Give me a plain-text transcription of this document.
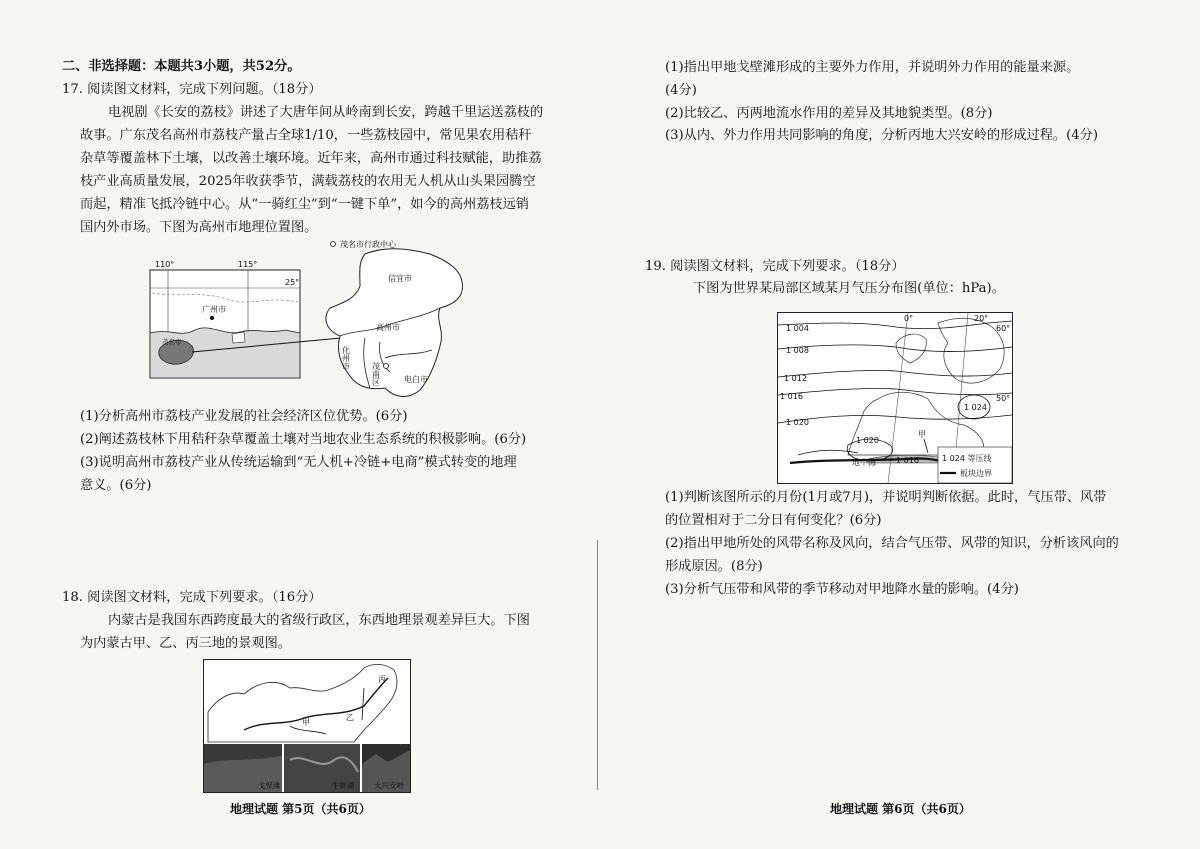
二、非选择题：本题共3小题，共52分。
17. 阅读图文材料，完成下列问题。（18分）
电视剧《长安的荔枝》讲述了大唐年间从岭南到长安，跨越千里运送荔枝的
故事。广东茂名高州市荔枝产量占全球1/10，一些荔枝园中，常见果农用秸秆
杂草等覆盖林下土壤，以改善土壤环境。近年来，高州市通过科技赋能，助推荔
枝产业高质量发展，2025年收获季节，满载荔枝的农用无人机从山头果园腾空
而起，精准飞抵冷链中心。从“一骑红尘”到“一键下单”，如今的高州荔枝远销
国内外市场。下图为高州市地理位置图。
110°	115°
25°
广州市
茂名市
茂名市行政中心
信宜市
高州市
化州市
茂南区	电白市
(1)分析高州市荔枝产业发展的社会经济区位优势。(6分)
(2)阐述荔枝林下用秸秆杂草覆盖土壤对当地农业生态系统的积极影响。(6分)
(3)说明高州市荔枝产业从传统运输到“无人机+冷链+电商”模式转变的地理
意义。(6分)
18. 阅读图文材料，完成下列要求。（16分）
内蒙古是我国东西跨度最大的省级行政区，东西地理景观差异巨大。下图
为内蒙古甲、乙、丙三地的景观图。
甲
乙
丙
戈壁滩	牛轭湖	大兴安岭
地理试题 第5页（共6页）
(1)指出甲地戈壁滩形成的主要外力作用，并说明外力作用的能量来源。
(4分)
(2)比较乙、丙两地流水作用的差异及其地貌类型。(8分)
(3)从内、外力作用共同影响的角度，分析丙地大兴安岭的形成过程。(4分)
19. 阅读图文材料，完成下列要求。（18分）
下图为世界某局部区域某月气压分布图(单位：hPa)。
1 004
1 008
1 012
1 016
1 020
1 020
1 024
1 016
0°	20°
60°
50°
甲
地中海	1 024 等压线
板块边界
(1)判断该图所示的月份(1月或7月)，并说明判断依据。此时，气压带、风带
的位置相对于二分日有何变化？(6分)
(2)指出甲地所处的风带名称及风向，结合气压带、风带的知识，分析该风向的
形成原因。(8分)
(3)分析气压带和风带的季节移动对甲地降水量的影响。(4分)
地理试题 第6页（共6页）
